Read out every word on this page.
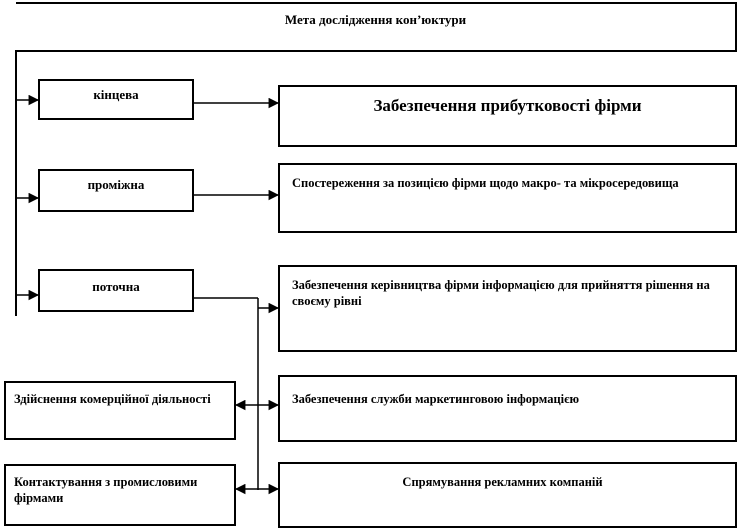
Мета дослідження кон’юктури
кінцева
проміжна
поточна
Забезпечення прибутковості фірми
Спостереження за позицією фірми щодо макро- та мікросередовища
Забезпечення керівництва фірми інформацією для прийняття рішення на своєму рівні
Забезпечення служби маркетинговою інформацією
Спрямування рекламних компаній
Здійснення комерційної діяльності
Контактування з промисловими фірмами
